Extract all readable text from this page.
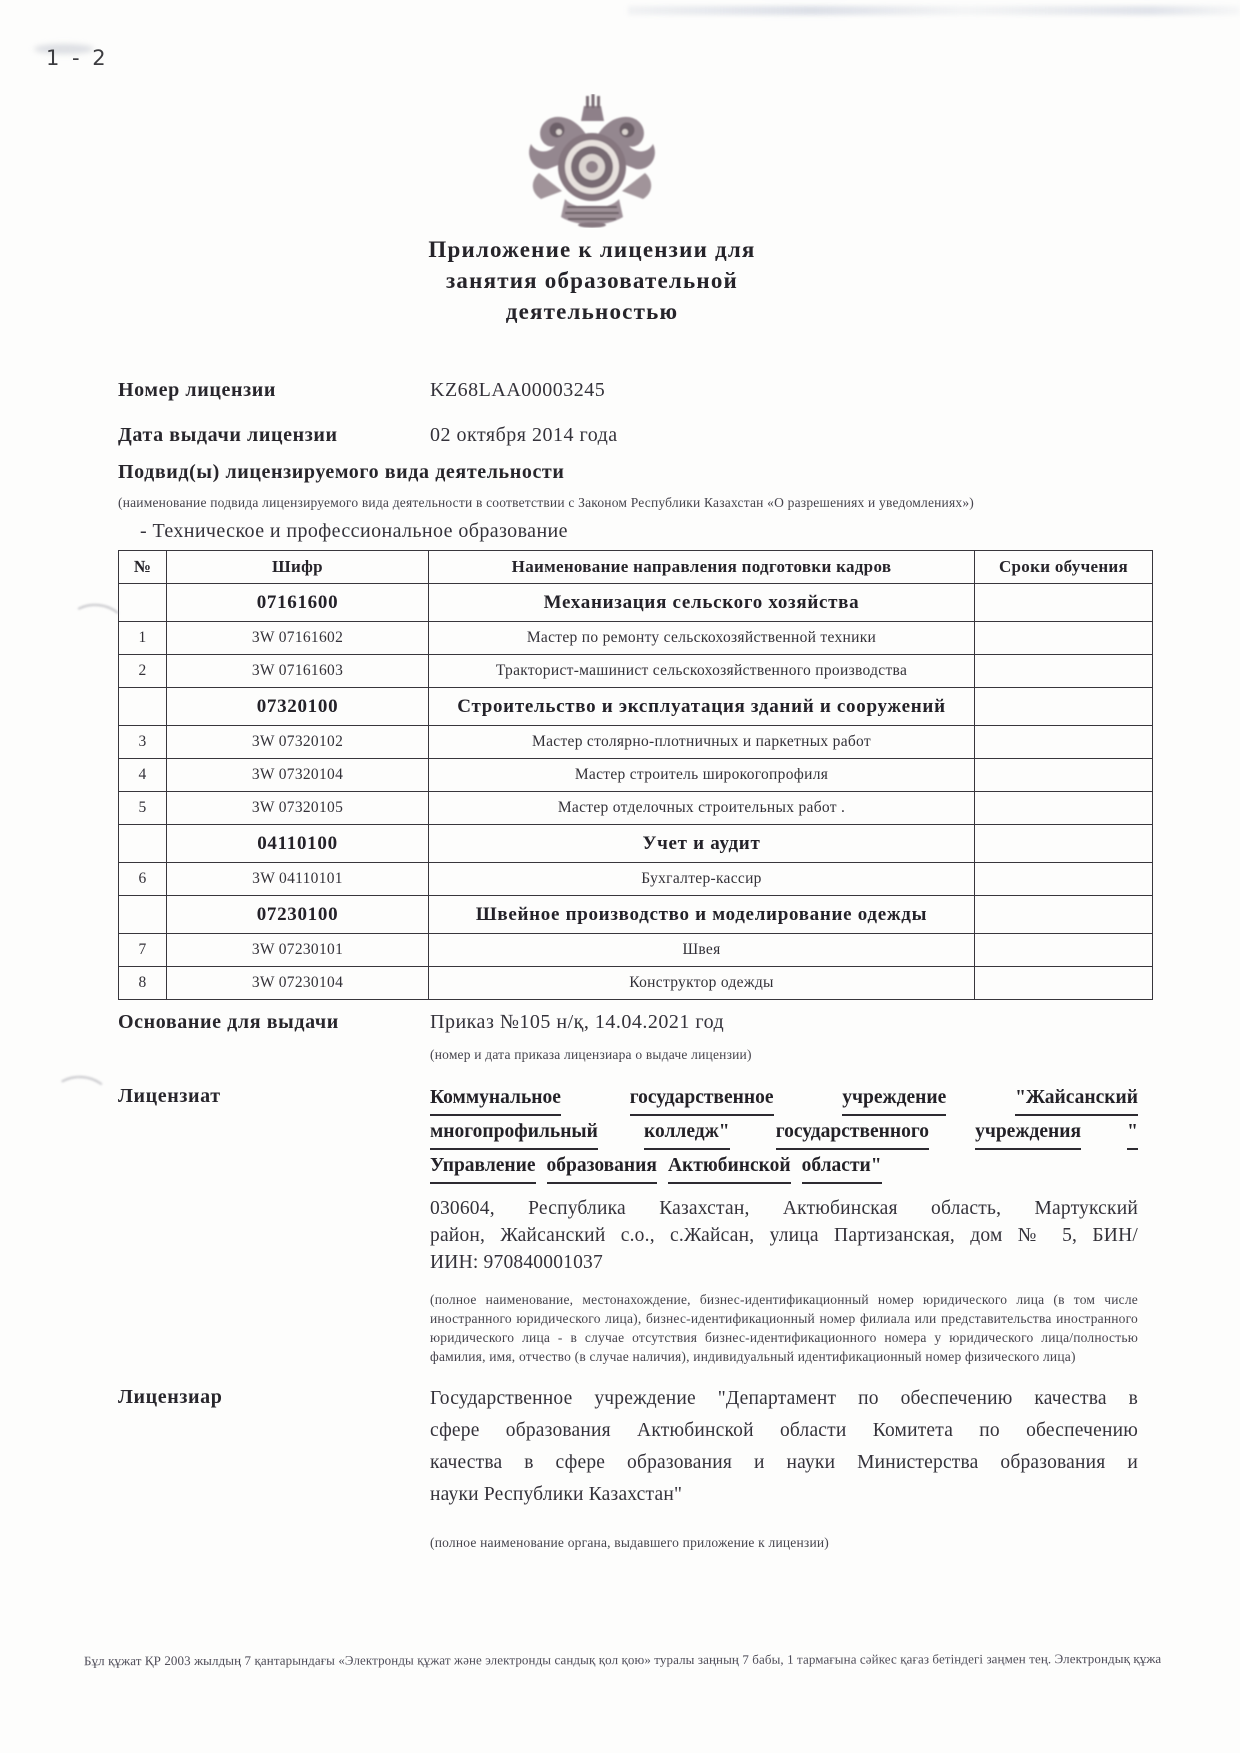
1 - 2
Приложение к лицензии для
занятия образовательной
деятельностью
Номер лицензии	KZ68LAA00003245
Дата выдачи лицензии	02 октября 2014 года
Подвид(ы) лицензируемого вида деятельности
(наименование подвида лицензируемого вида деятельности в соответствии с Законом Республики Казахстан «О разрешениях и уведомлениях»)
- Техническое и профессиональное образование
№	Шифр	Наименование направления подготовки кадров	Сроки обучения
	07161600	Механизация сельского хозяйства	
1	3W 07161602	Мастер по ремонту сельскохозяйственной техники	
2	3W 07161603	Тракторист-машинист сельскохозяйственного производства	
	07320100	Строительство и эксплуатация зданий и сооружений	
3	3W 07320102	Мастер столярно-плотничных и паркетных работ	
4	3W 07320104	Мастер строитель широкогопрофиля	
5	3W 07320105	Мастер отделочных строительных работ .	
	04110100	Учет и аудит	
6	3W 04110101	Бухгалтер-кассир	
	07230100	Швейное производство и моделирование одежды	
7	3W 07230101	Швея	
8	3W 07230104	Конструктор одежды	
Основание для выдачи	Приказ №105 н/қ, 14.04.2021 год
(номер и дата приказа лицензиара о выдаче лицензии)
Лицензиат	Коммунальное	государственное	учреждение	"Жайсанский
многопрофильный колледж" государственного учреждения "
Управление образования Актюбинской области"
030604, Республика Казахстан, Актюбинская область, Мартукский
район, Жайсанский с.о., с.Жайсан, улица Партизанская, дом № 5, БИН/
ИИН: 970840001037
(полное наименование, местонахождение, бизнес-идентификационный номер юридического лица (в том числе иностранного юридического лица), бизнес-идентификационный номер филиала или представительства иностранного юридического лица - в случае отсутствия бизнес-идентификационного номера у юридического лица/полностью фамилия, имя, отчество (в случае наличия), индивидуальный идентификационный номер физического лица)
Лицензиар	Государственное учреждение "Департамент по обеспечению качества в
сфере образования Актюбинской области Комитета по обеспечению
качества в сфере образования и науки Министерства образования и
науки Республики Казахстан"
(полное наименование органа, выдавшего приложение к лицензии)
Бұл құжат ҚР 2003 жылдың 7 қантарындағы «Электронды құжат және электронды сандық қол қою» туралы заңның 7 бабы, 1 тармағына сәйкес қағаз бетіндегі заңмен тең. Электрондық құжа
